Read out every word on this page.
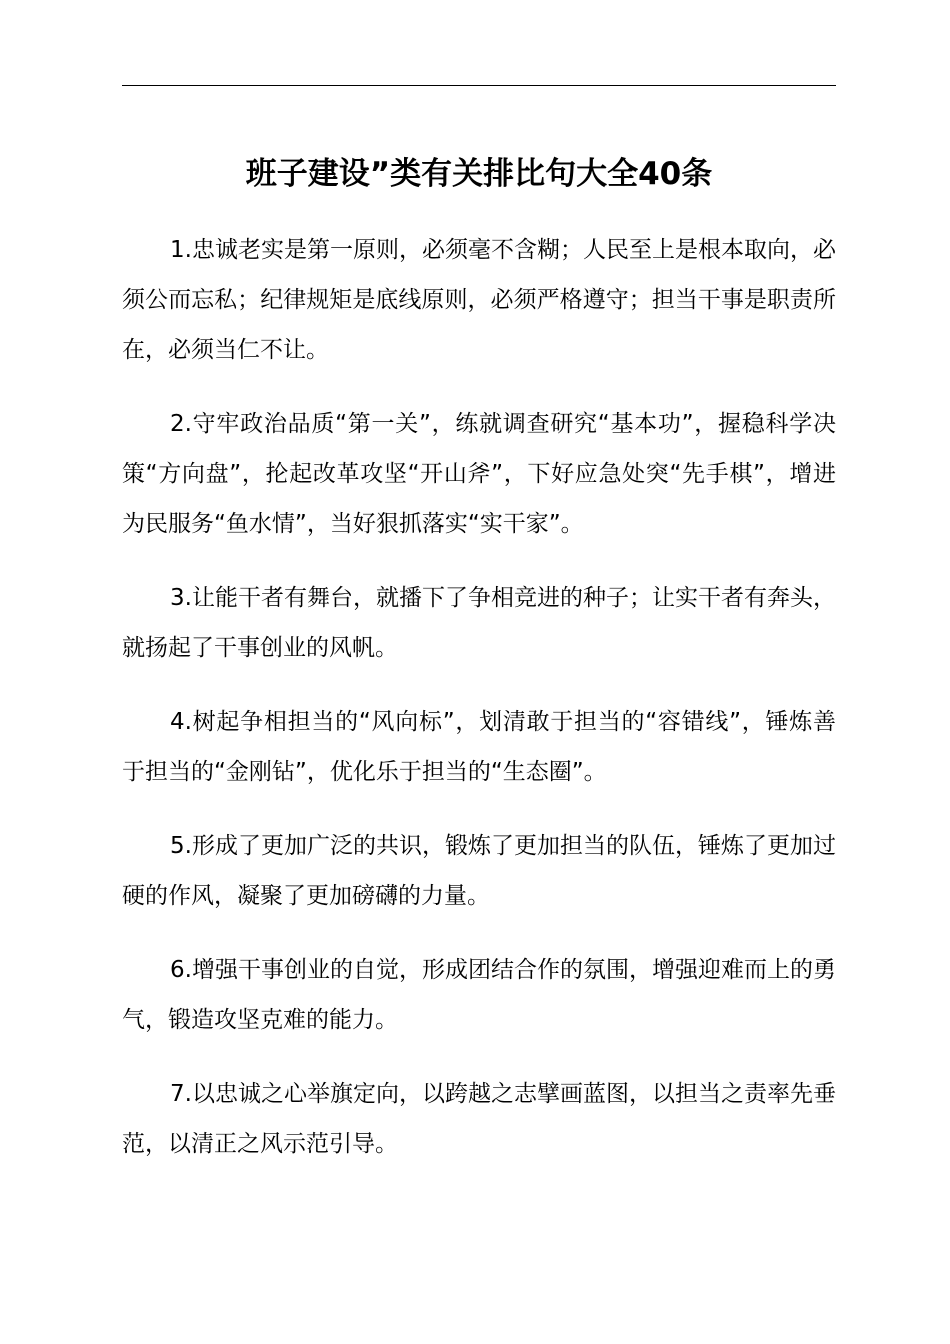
班子建设”类有关排比句大全40条

1.忠诚老实是第一原则，必须毫不含糊；人民至上是根本取向，必须公而忘私；纪律规矩是底线原则，必须严格遵守；担当干事是职责所在，必须当仁不让。

2.守牢政治品质“第一关”，练就调查研究“基本功”，握稳科学决策“方向盘”，抡起改革攻坚“开山斧”，下好应急处突“先手棋”，增进为民服务“鱼水情”，当好狠抓落实“实干家”。

3.让能干者有舞台，就播下了争相竞进的种子；让实干者有奔头，就扬起了干事创业的风帆。

4.树起争相担当的“风向标”，划清敢于担当的“容错线”，锤炼善于担当的“金刚钻”，优化乐于担当的“生态圈”。

5.形成了更加广泛的共识，锻炼了更加担当的队伍，锤炼了更加过硬的作风，凝聚了更加磅礴的力量。

6.增强干事创业的自觉，形成团结合作的氛围，增强迎难而上的勇气，锻造攻坚克难的能力。

7.以忠诚之心举旗定向，以跨越之志擘画蓝图，以担当之责率先垂范，以清正之风示范引导。
